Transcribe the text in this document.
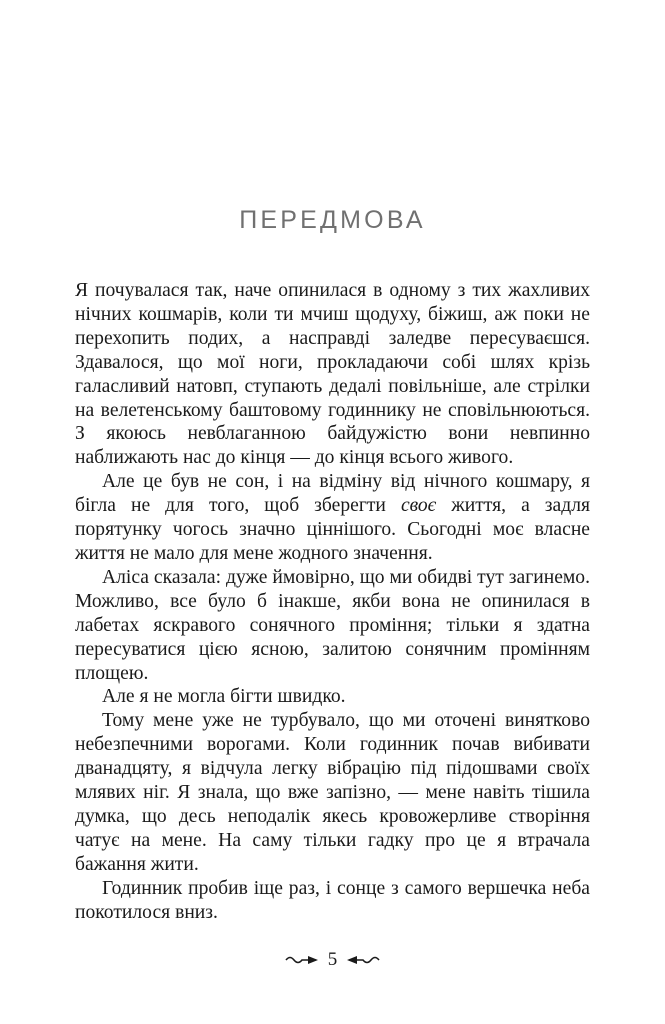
ПЕРЕДМОВА

Я почувалася так, наче опинилася в одному з тих жахливих нічних кошмарів, коли ти мчиш щодуху, біжиш, аж поки не перехопить подих, а насправді заледве пересуваєшся. Здавалося, що мої ноги, прокладаючи собі шлях крізь галасливий натовп, ступають дедалі повільніше, але стрілки на велетенському баштовому годиннику не сповільнюються. З якоюсь невблаганною байдужістю вони невпинно наближають нас до кінця — до кінця всього живого.

Але це був не сон, і на відміну від нічного кошмару, я бігла не для того, щоб зберегти своє життя, а задля порятунку чогось значно ціннішого. Сьогодні моє власне життя не мало для мене жодного значення.

Аліса сказала: дуже ймовірно, що ми обидві тут загинемо. Можливо, все було б інакше, якби вона не опинилася в лабетах яскравого сонячного проміння; тільки я здатна пересуватися цією ясною, залитою сонячним промінням площею.

Але я не могла бігти швидко.

Тому мене уже не турбувало, що ми оточені винятково небезпечними ворогами. Коли годинник почав вибивати дванадцяту, я відчула легку вібрацію під підошвами своїх млявих ніг. Я знала, що вже запізно, — мене навіть тішила думка, що десь неподалік якесь кровожерливе створіння чатує на мене. На саму тільки гадку про це я втрачала бажання жити.

Годинник пробив іще раз, і сонце з самого вершечка неба покотилося вниз.

5
